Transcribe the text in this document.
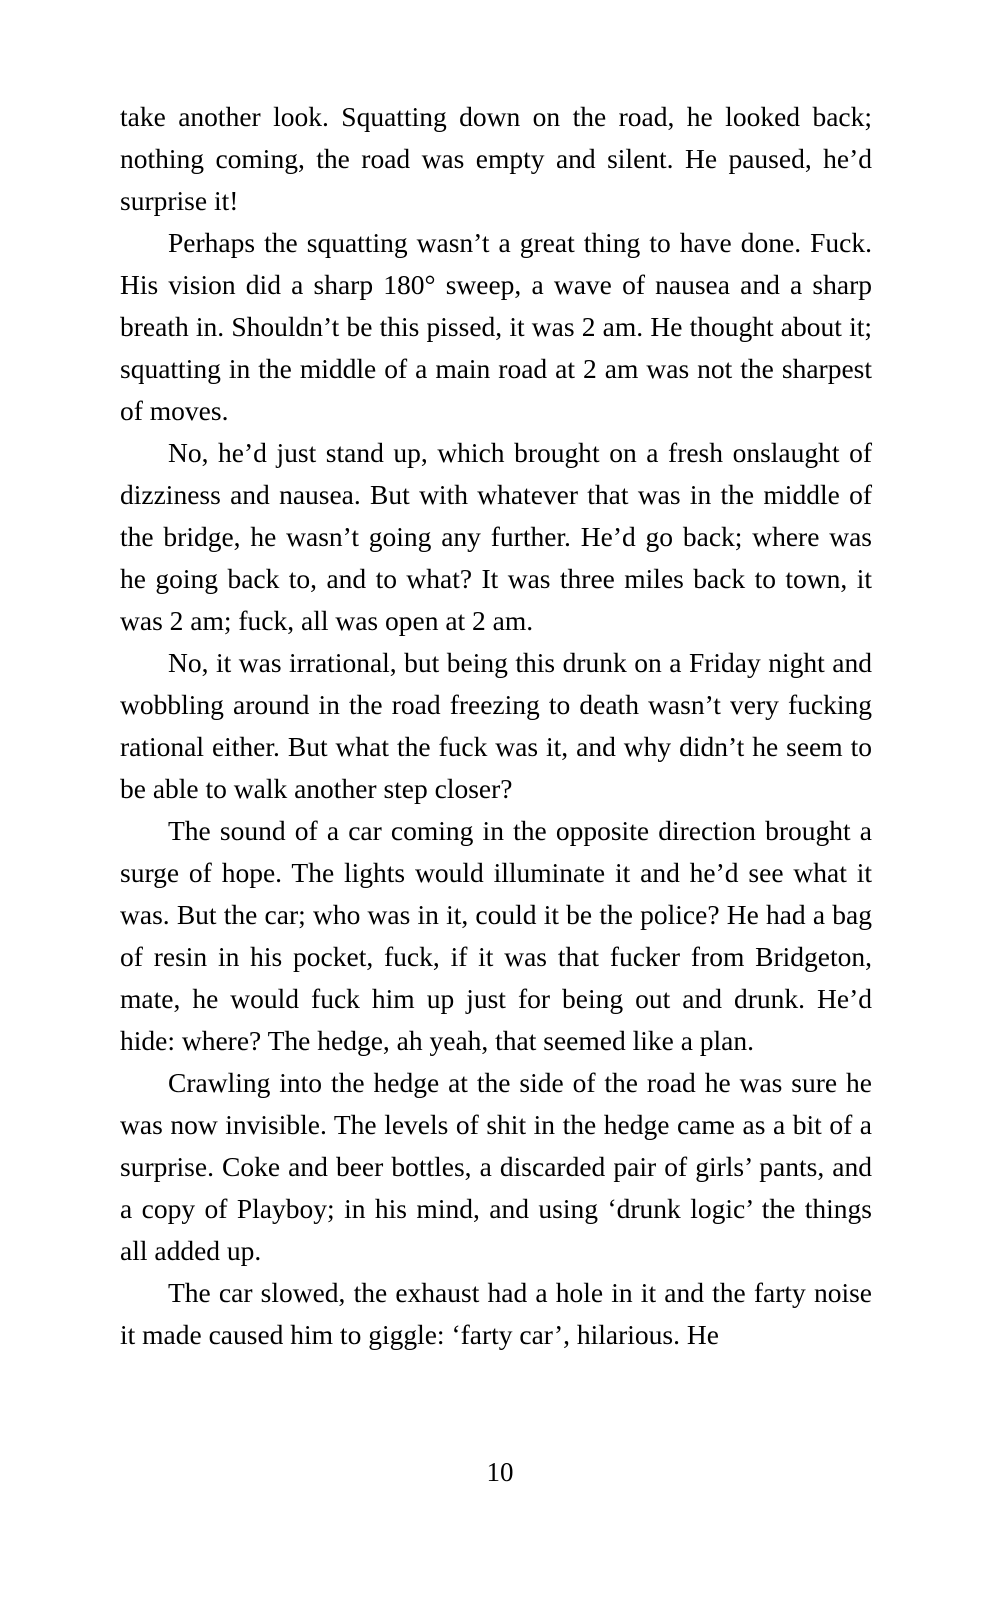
take another look. Squatting down on the road, he looked back; nothing coming, the road was empty and silent. He paused, he’d surprise it!

Perhaps the squatting wasn’t a great thing to have done. Fuck. His vision did a sharp 180° sweep, a wave of nausea and a sharp breath in. Shouldn’t be this pissed, it was 2 am. He thought about it; squatting in the middle of a main road at 2 am was not the sharpest of moves.

No, he’d just stand up, which brought on a fresh onslaught of dizziness and nausea. But with whatever that was in the middle of the bridge, he wasn’t going any further. He’d go back; where was he going back to, and to what? It was three miles back to town, it was 2 am; fuck, all was open at 2 am.

No, it was irrational, but being this drunk on a Friday night and wobbling around in the road freezing to death wasn’t very fucking rational either. But what the fuck was it, and why didn’t he seem to be able to walk another step closer?

The sound of a car coming in the opposite direction brought a surge of hope. The lights would illuminate it and he’d see what it was. But the car; who was in it, could it be the police? He had a bag of resin in his pocket, fuck, if it was that fucker from Bridgeton, mate, he would fuck him up just for being out and drunk. He’d hide: where? The hedge, ah yeah, that seemed like a plan.

Crawling into the hedge at the side of the road he was sure he was now invisible. The levels of shit in the hedge came as a bit of a surprise. Coke and beer bottles, a discarded pair of girls’ pants, and a copy of Playboy; in his mind, and using ‘drunk logic’ the things all added up.

The car slowed, the exhaust had a hole in it and the farty noise it made caused him to giggle: ‘farty car’, hilarious. He

10
